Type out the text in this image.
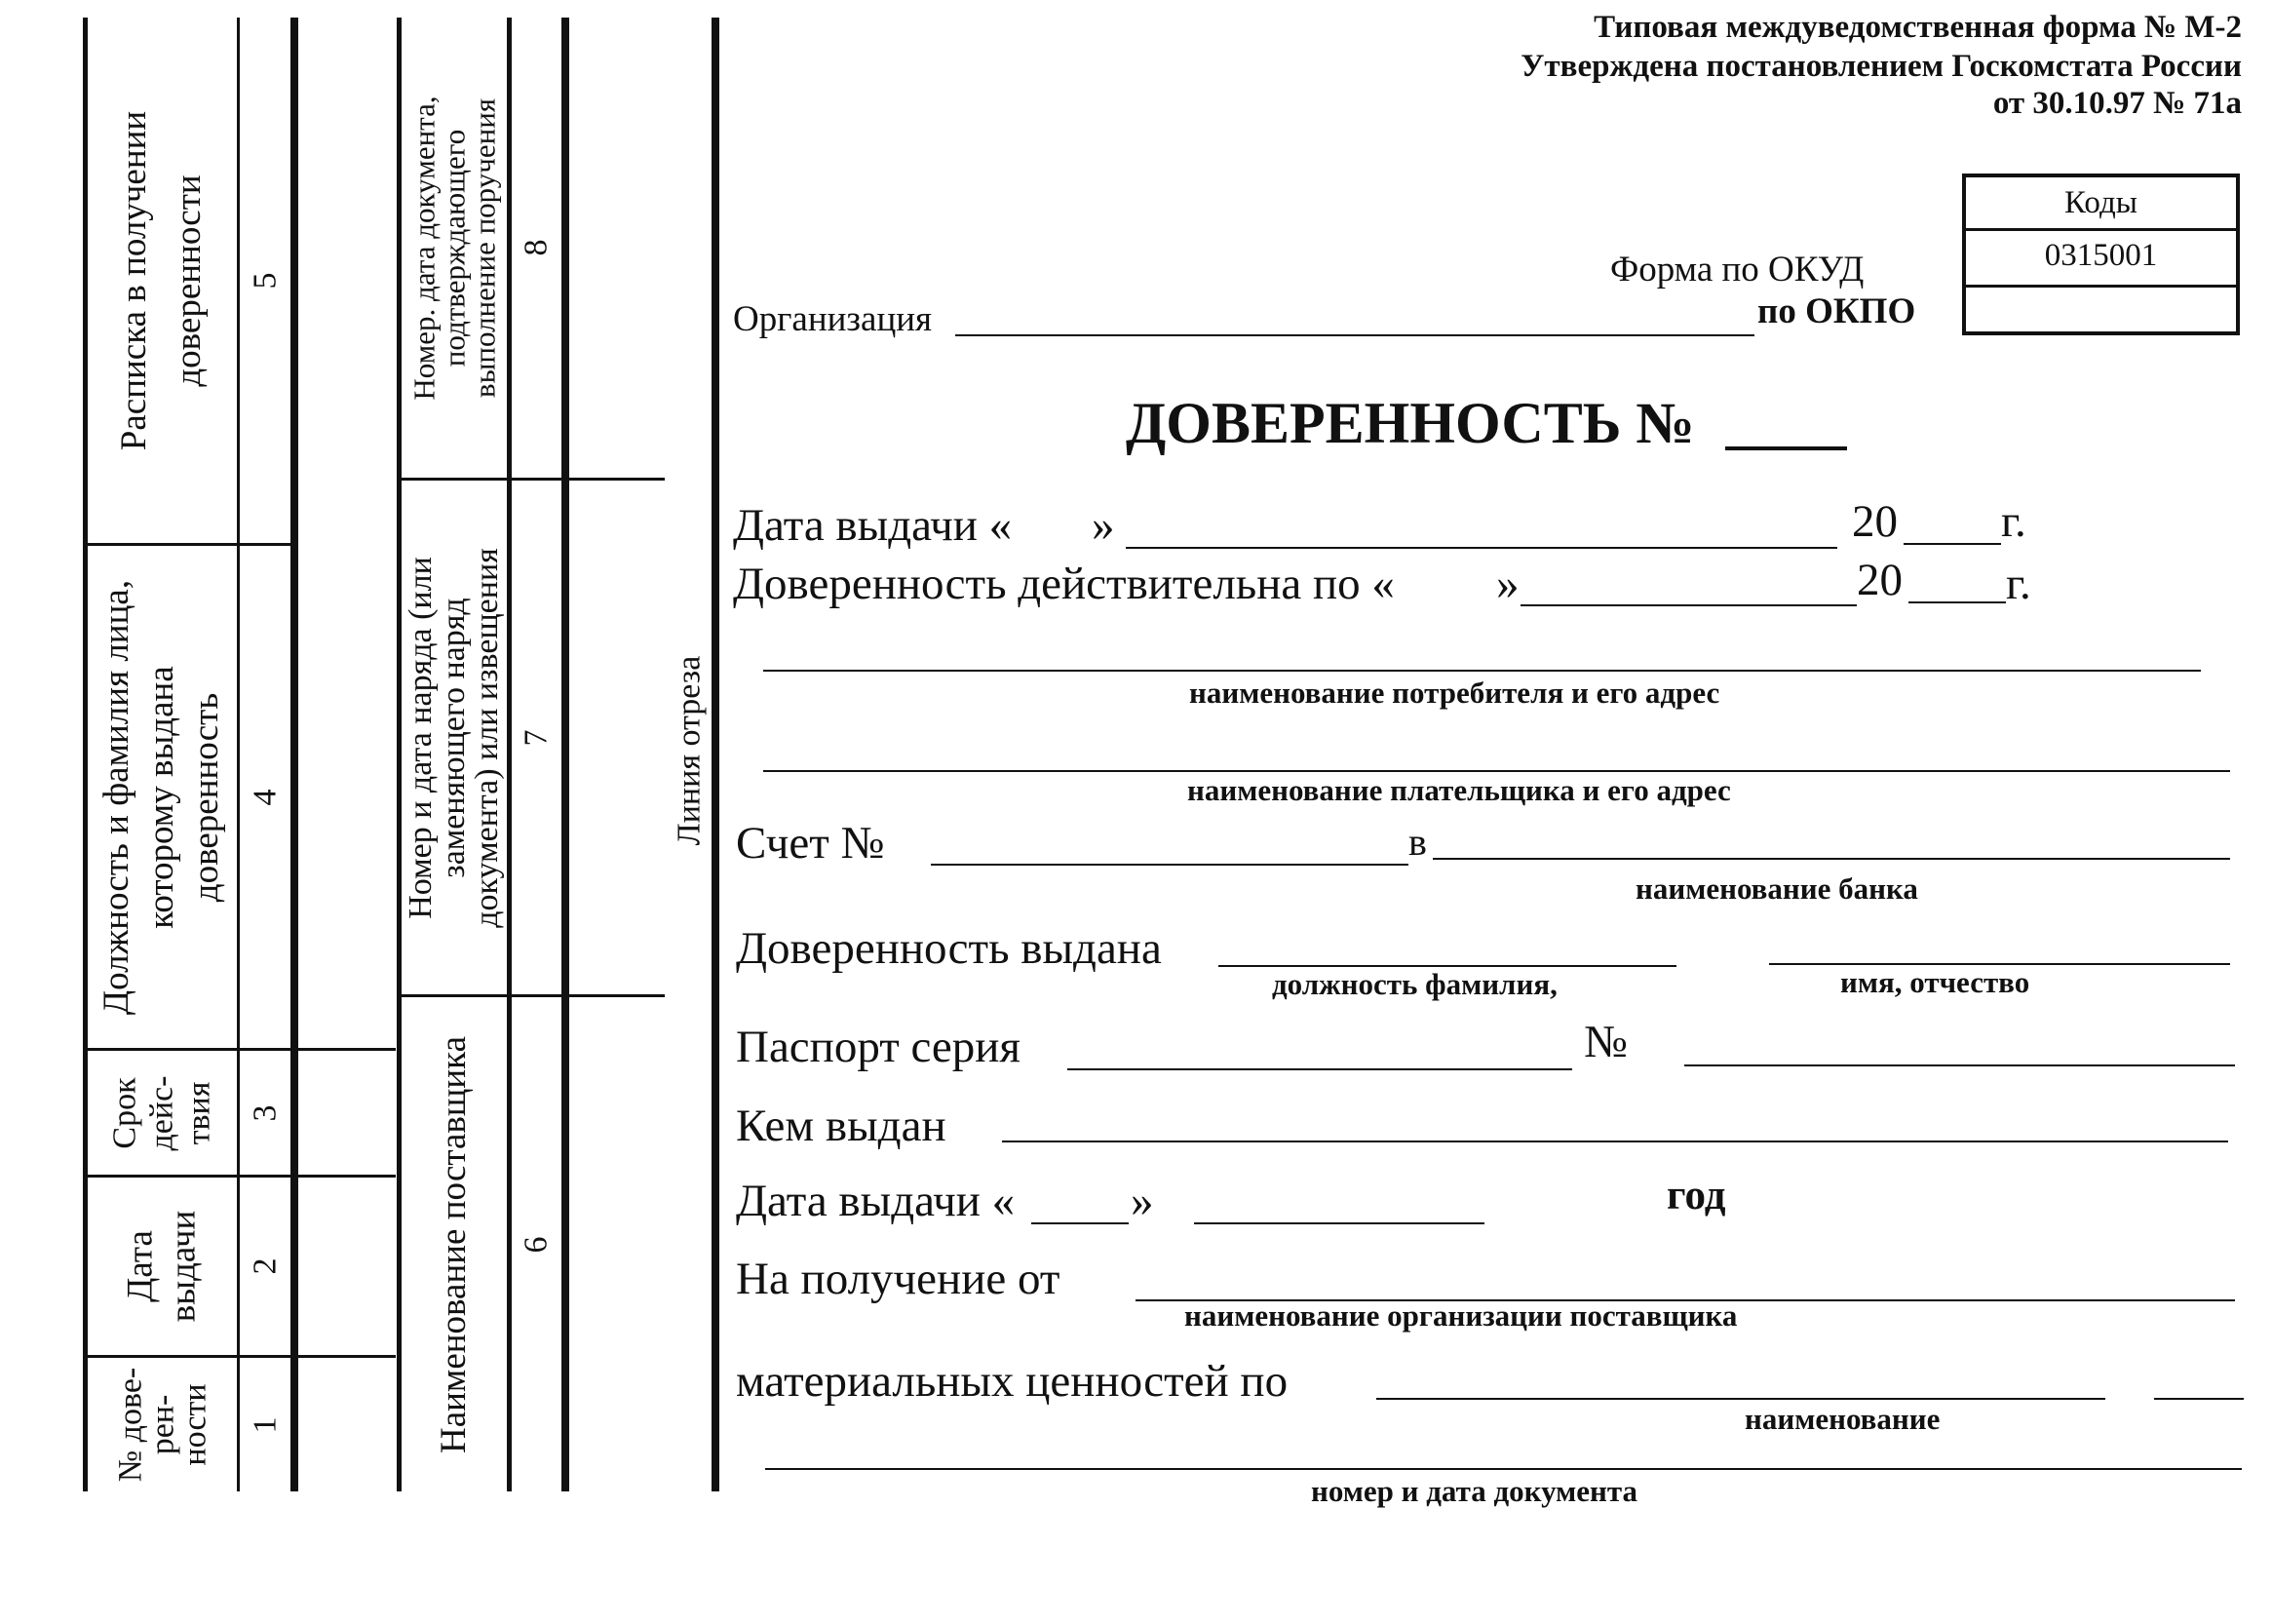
№ дове-
рен-
ности 1
Дата
выдачи 2
Срок
дейс-
твия 3
Должность и фамилия лица,
которому выдана
доверенность 4
Расписка в получении
доверенности 5
Наименование поставщика 6
Номер и дата наряда (или
заменяющего наряд
документа) или извещения
7
Номер. дата документа,
подтверждающего
выполнение поручения
8
Линия отреза
Типовая междуведомственная форма № М-2
Утверждена постановлением Госкомстата России
от 30.10.97 № 71а
Коды
0315001
Форма по ОКУД
по ОКПО
Организация
ДОВЕРЕННОСТЬ №
Дата выдачи « »	20 г.
Доверенность действительна по « »	20 г.
наименование потребителя и его адрес
наименование плательщика и его адрес
Счет №	в
наименование банка
Доверенность выдана
должность фамилия,	имя, отчество
Паспорт серия	№
Кем выдан
Дата выдачи «	»	год
На получение от
наименование организации поставщика
материальных ценностей по
наименование
номер и дата документа
